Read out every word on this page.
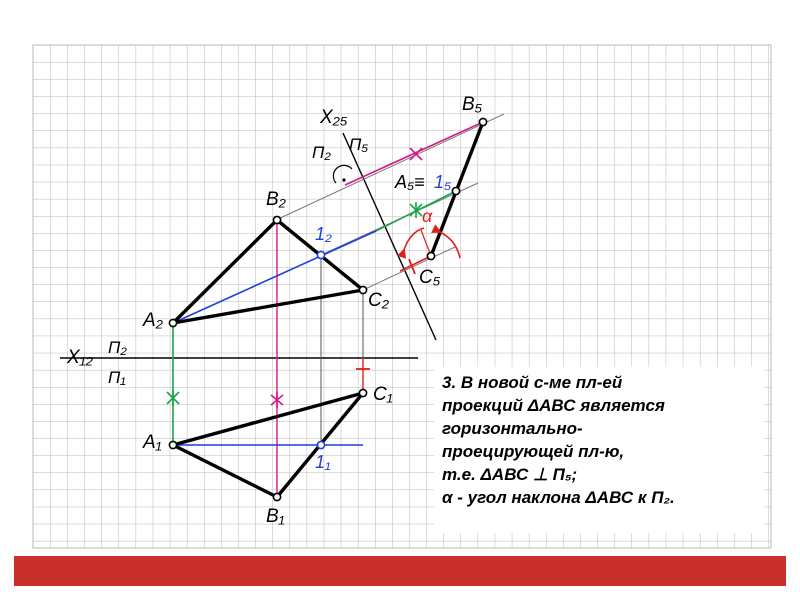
X₁₂ П₂
П₁
X₂₅
П₂ П₅
B₅
A₅≡ 1₅
α
C₅
B₂
1₂
A₂
C₂
C₁
A₁
1₁
B₁
3. В новой с-ме пл-ей
проекций ΔАВС является
горизонтально-
проецирующей пл-ю,
т.е. ΔАВС ⊥ П₅;
α - угол наклона ΔАВС к П₂.
